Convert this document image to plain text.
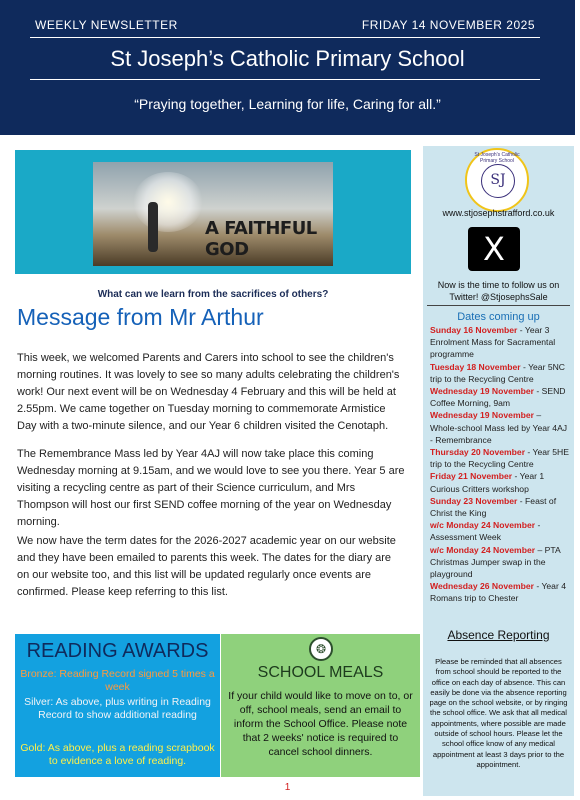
WEEKLY NEWSLETTER	FRIDAY 14 NOVEMBER 2025
St Joseph’s Catholic Primary School
“Praying together, Learning for life, Caring for all.”
A FAITHFUL GOD
What can we learn from the sacrifices of others?
Message from Mr Arthur
This week, we welcomed Parents and Carers into school to see the children's morning routines. It was lovely to see so many adults celebrating the children's work! Our next event will be on Wednesday 4 February and this will be held at 2.55pm. We came together on Tuesday morning to commemorate Armistice Day with a two-minute silence, and our Year 6 children visited the Cenotaph.
The Remembrance Mass led by Year 4AJ will now take place this coming Wednesday morning at 9.15am, and we would love to see you there. Year 5 are visiting a recycling centre as part of their Science curriculum, and Mrs Thompson will host our first SEND coffee morning of the year on Wednesday morning.
We now have the term dates for the 2026-2027 academic year on our website and they have been emailed to parents this week. The dates for the diary are on our website too, and this list will be updated regularly once events are confirmed. Please keep referring to this list.
St Joseph's Catholic Primary School
SJ
www.stjosephstrafford.co.uk
X
Now is the time to follow us on Twitter! @StjosephsSale
Dates coming up
Sunday 16 November - Year 3 Enrolment Mass for Sacramental programme
Tuesday 18 November - Year 5NC trip to the Recycling Centre
Wednesday 19 November - SEND Coffee Morning, 9am
Wednesday 19 November – Whole-school Mass led by Year 4AJ - Remembrance
Thursday 20 November - Year 5HE trip to the Recycling Centre
Friday 21 November - Year 1 Curious Critters workshop
Sunday 23 November - Feast of Christ the King
w/c Monday 24 November - Assessment Week
w/c Monday 24 November – PTA Christmas Jumper swap in the playground
Wednesday 26 November - Year 4 Romans trip to Chester
READING AWARDS
Bronze: Reading Record signed 5 times a week
Silver: As above, plus writing in Reading Record to show additional reading
Gold: As above, plus a reading scrapbook to evidence a love of reading.
❂
SCHOOL MEALS
If your child would like to move on to, or off, school meals, send an email to inform the School Office. Please note that 2 weeks' notice is required to cancel school dinners.
Absence Reporting
Please be reminded that all absences from school should be reported to the office on each day of absence. This can easily be done via the absence reporting page on the school website, or by ringing the school office. We ask that all medical appointments, where possible are made outside of school hours. Please let the school office know of any medical appointment at least 3 days prior to the appointment.
1
